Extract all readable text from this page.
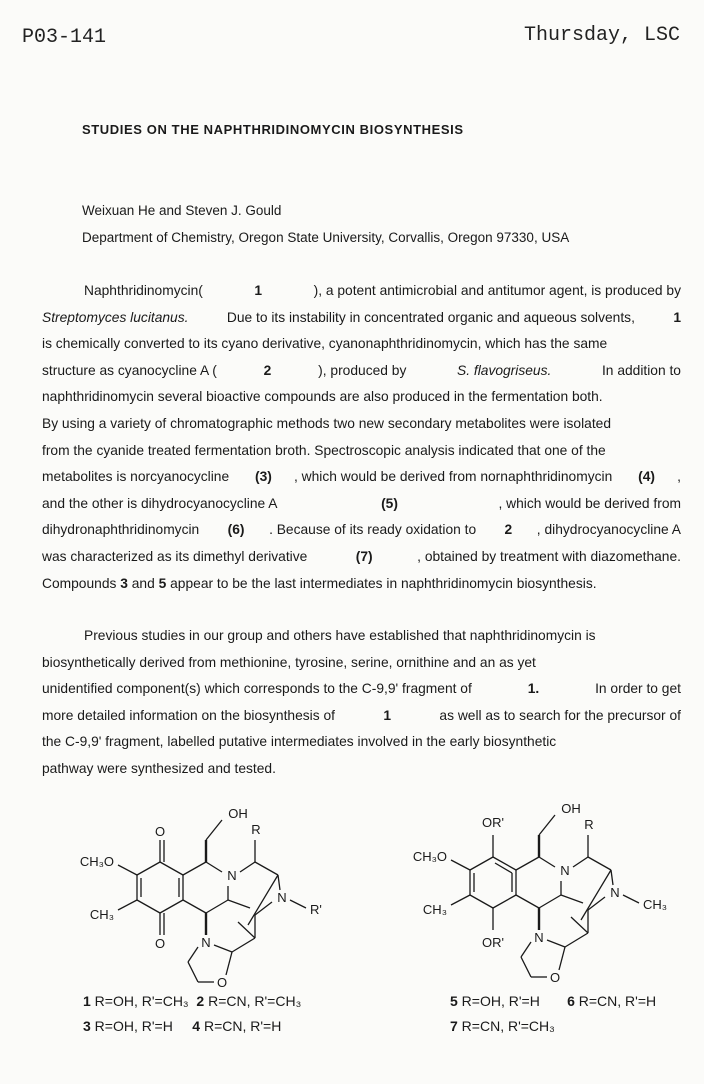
P03-141	Thursday, LSC
STUDIES ON THE NAPHTHRIDINOMYCIN BIOSYNTHESIS
Weixuan He and Steven J. Gould
Department of Chemistry, Oregon State University, Corvallis, Oregon 97330, USA
Naphthridinomycin(	1	), a potent antimicrobial and antitumor agent, is produced by
Streptomyces lucitanus.	Due to its instability in concentrated organic and aqueous solvents,	1
is chemically converted to its cyano derivative, cyanonaphthridinomycin, which has the same
structure as cyanocycline A (	2	), produced by	S. flavogriseus.	In addition to
naphthridinomycin several bioactive compounds are also produced in the fermentation both.
By using a variety of chromatographic methods two new secondary metabolites were isolated
from the cyanide treated fermentation broth. Spectroscopic analysis indicated that one of the
metabolites is norcyanocycline (3) , which would be derived from nornaphthridinomycin (4) ,
and the other is dihydrocyanocycline A	(5)	, which would be derived from
dihydronaphthridinomycin (6) . Because of its ready oxidation to 2 , dihydrocyanocycline A
was characterized as its dimethyl derivative	(7)	, obtained by treatment with diazomethane.
Compounds 3 and 5 appear to be the last intermediates in naphthridinomycin biosynthesis.
Previous studies in our group and others have established that naphthridinomycin is
biosynthetically derived from methionine, tyrosine, serine, ornithine and an as yet
unidentified component(s) which corresponds to the C-9,9' fragment of	1.	In order to get
more detailed information on the biosynthesis of	1	as well as to search for the precursor of
the C-9,9' fragment, labelled putative intermediates involved in the early biosynthetic
pathway were synthesized and tested.
O
O
CH₃O
CH₃
N
OH
R
N
R'
N
O
OR'
OR'
CH₃O
CH₃
N
OH
R
N
CH₃
N
O
1 R=OH, R'=CH₃  2 R=CN, R'=CH₃
3 R=OH, R'=H     4 R=CN, R'=H
5 R=OH, R'=H       6 R=CN, R'=H
7 R=CN, R'=CH₃
